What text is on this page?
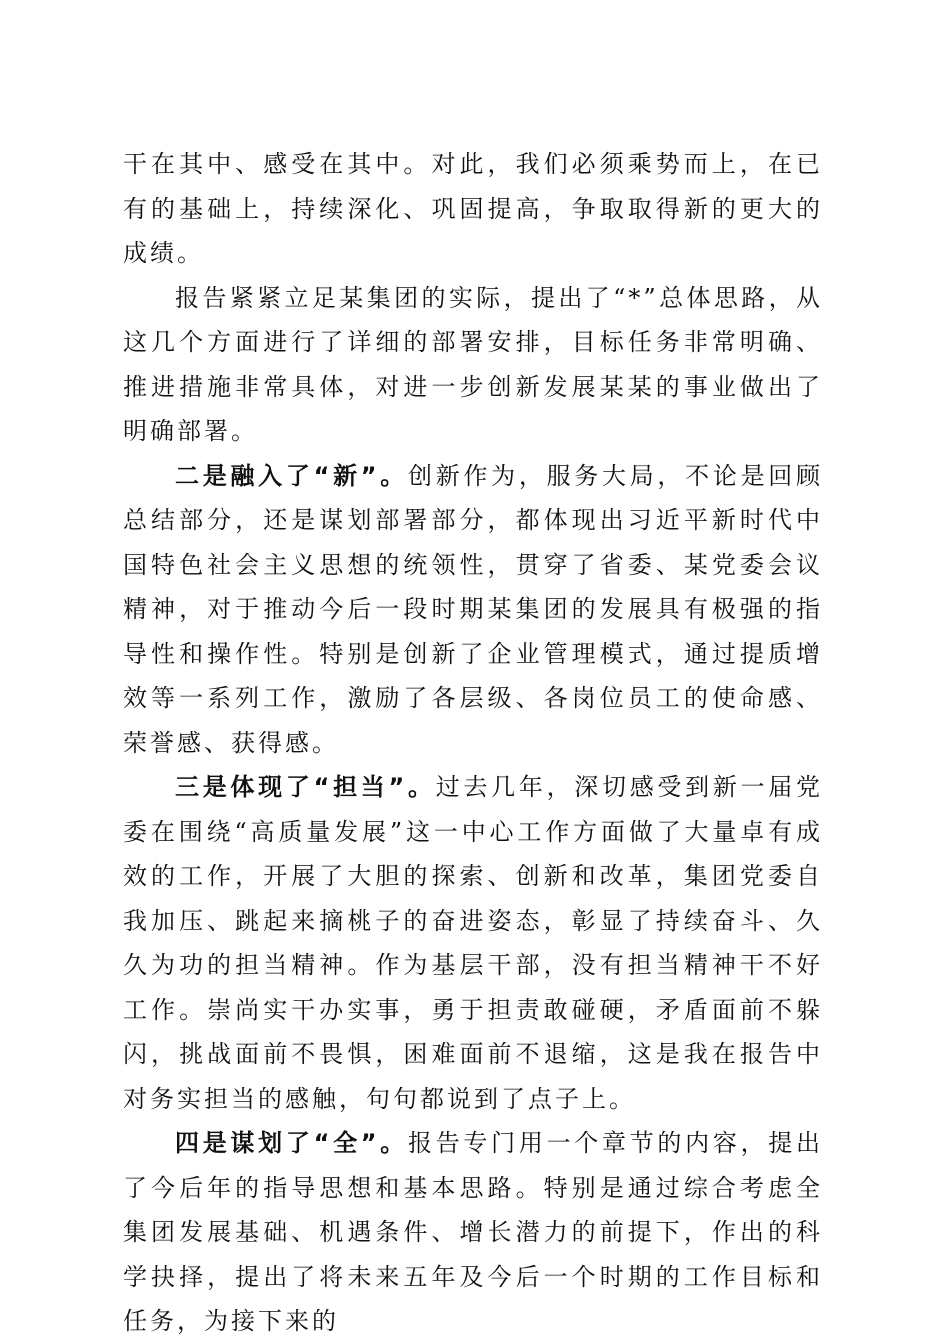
干在其中、感受在其中。对此，我们必须乘势而上，在已有的基础上，持续深化、巩固提高，争取取得新的更大的成绩。

报告紧紧立足某集团的实际，提出了“*”总体思路，从这几个方面进行了详细的部署安排，目标任务非常明确、推进措施非常具体，对进一步创新发展某某的事业做出了明确部署。

二是融入了“新”。创新作为，服务大局，不论是回顾总结部分，还是谋划部署部分，都体现出习近平新时代中国特色社会主义思想的统领性，贯穿了省委、某党委会议精神，对于推动今后一段时期某集团的发展具有极强的指导性和操作性。特别是创新了企业管理模式，通过提质增效等一系列工作，激励了各层级、各岗位员工的使命感、荣誉感、获得感。

三是体现了“担当”。过去几年，深切感受到新一届党委在围绕“高质量发展”这一中心工作方面做了大量卓有成效的工作，开展了大胆的探索、创新和改革，集团党委自我加压、跳起来摘桃子的奋进姿态，彰显了持续奋斗、久久为功的担当精神。作为基层干部，没有担当精神干不好工作。崇尚实干办实事，勇于担责敢碰硬，矛盾面前不躲闪，挑战面前不畏惧，困难面前不退缩，这是我在报告中对务实担当的感触，句句都说到了点子上。

四是谋划了“全”。报告专门用一个章节的内容，提出了今后年的指导思想和基本思路。特别是通过综合考虑全集团发展基础、机遇条件、增长潜力的前提下，作出的科学抉择，提出了将未来五年及今后一个时期的工作目标和任务，为接下来的
